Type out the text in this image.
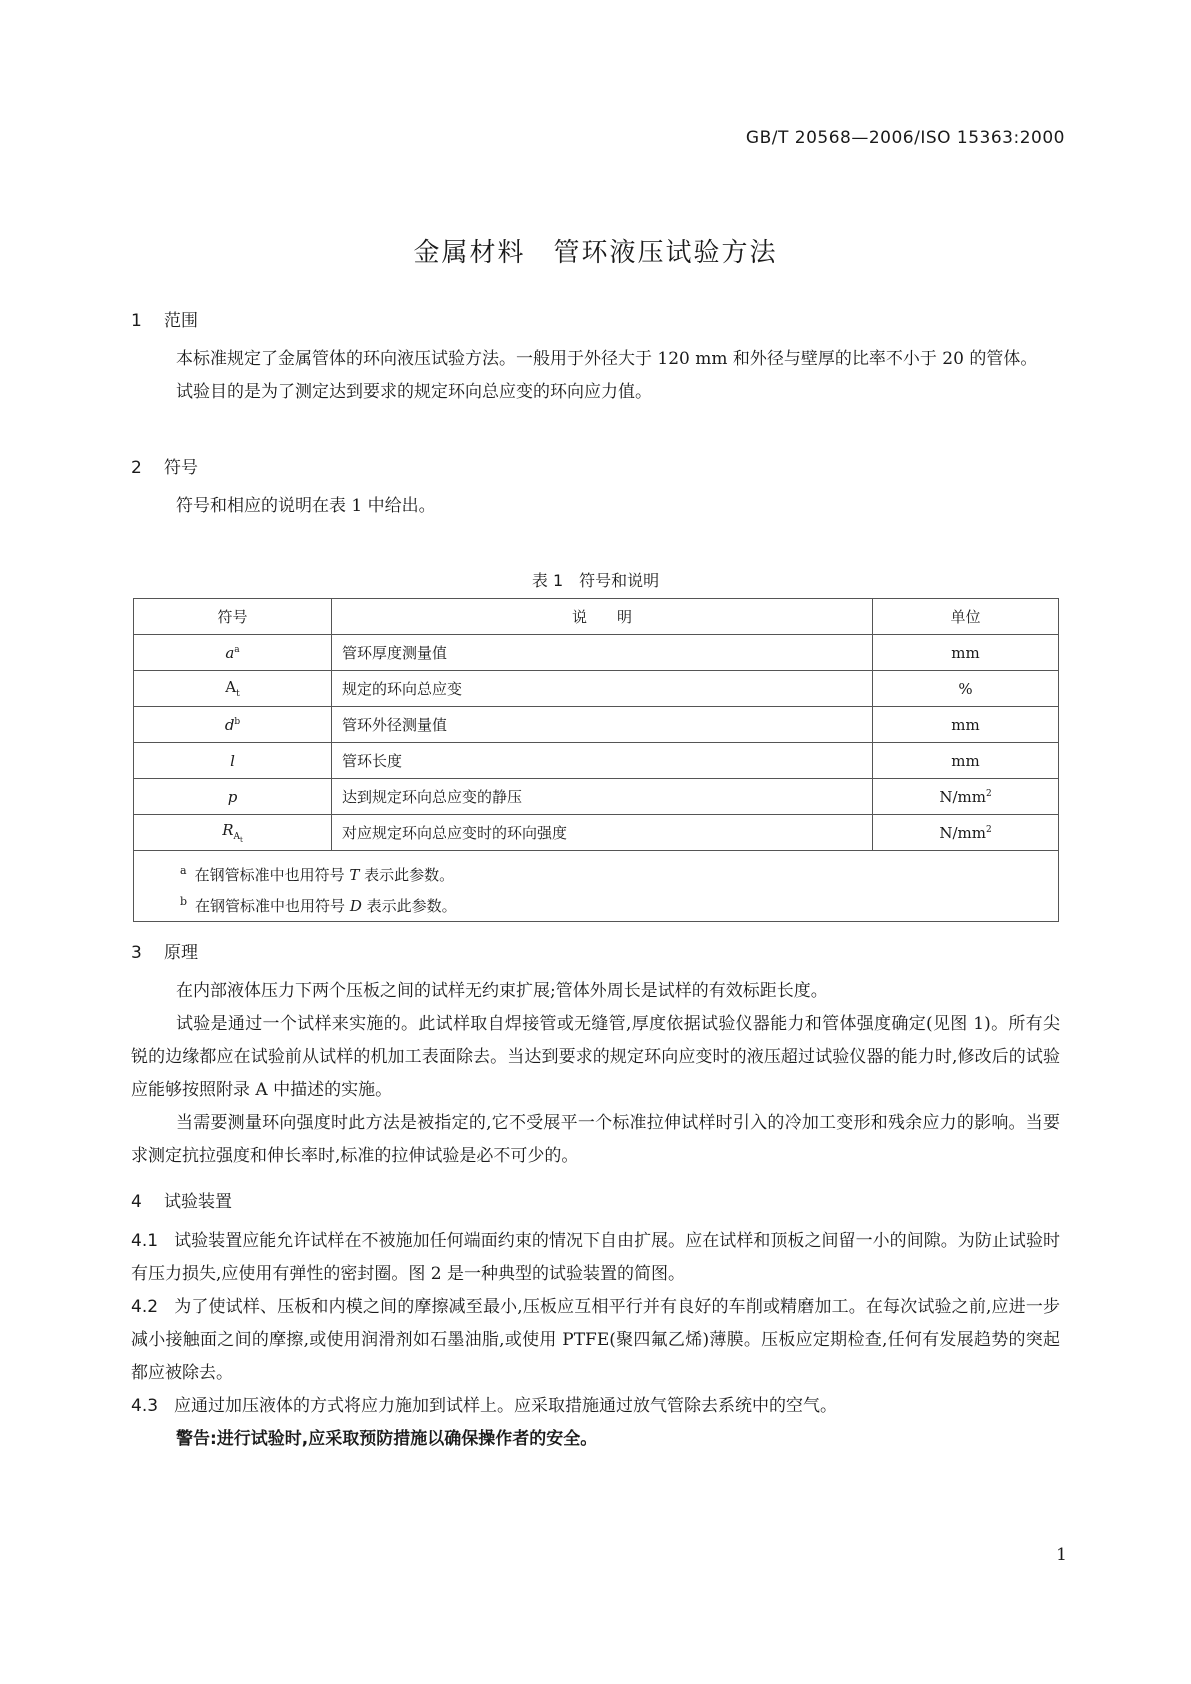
GB/T 20568—2006/ISO 15363:2000
金属材料　管环液压试验方法
1 范围

本标准规定了金属管体的环向液压试验方法。一般用于外径大于 120 mm 和外径与壁厚的比率不小于 20 的管体。

试验目的是为了测定达到要求的规定环向总应变的环向应力值。

2 符号

符号和相应的说明在表 1 中给出。

表 1　符号和说明
符号	说　　明	单位
$a^a$	管环厚度测量值	mm
$A_t$	规定的环向总应变	%
$d^b$	管环外径测量值	mm
l	管环长度	mm
p	达到规定环向总应变的静压	$N/mm^2$
$R_{A_t}$	对应规定环向总应变时的环向强度	$N/mm^2$

$^a$ 在钢管标准中也用符号 T 表示此参数。
$^b$ 在钢管标准中也用符号 D 表示此参数。		
3 原理

在内部液体压力下两个压板之间的试样无约束扩展;管体外周长是试样的有效标距长度。

试验是通过一个试样来实施的。此试样取自焊接管或无缝管,厚度依据试验仪器能力和管体强度确定(见图 1)。所有尖锐的边缘都应在试验前从试样的机加工表面除去。当达到要求的规定环向应变时的液压超过试验仪器的能力时,修改后的试验应能够按照附录 A 中描述的实施。

当需要测量环向强度时此方法是被指定的,它不受展平一个标准拉伸试样时引入的冷加工变形和残余应力的影响。当要求测定抗拉强度和伸长率时,标准的拉伸试验是必不可少的。

4 试验装置

4.1 试验装置应能允许试样在不被施加任何端面约束的情况下自由扩展。应在试样和顶板之间留一小的间隙。为防止试验时有压力损失,应使用有弹性的密封圈。图 2 是一种典型的试验装置的简图。

4.2 为了使试样、压板和内模之间的摩擦减至最小,压板应互相平行并有良好的车削或精磨加工。在每次试验之前,应进一步减小接触面之间的摩擦,或使用润滑剂如石墨油脂,或使用 PTFE(聚四氟乙烯)薄膜。压板应定期检查,任何有发展趋势的突起都应被除去。

4.3 应通过加压液体的方式将应力施加到试样上。应采取措施通过放气管除去系统中的空气。

警告:进行试验时,应采取预防措施以确保操作者的安全。

1
